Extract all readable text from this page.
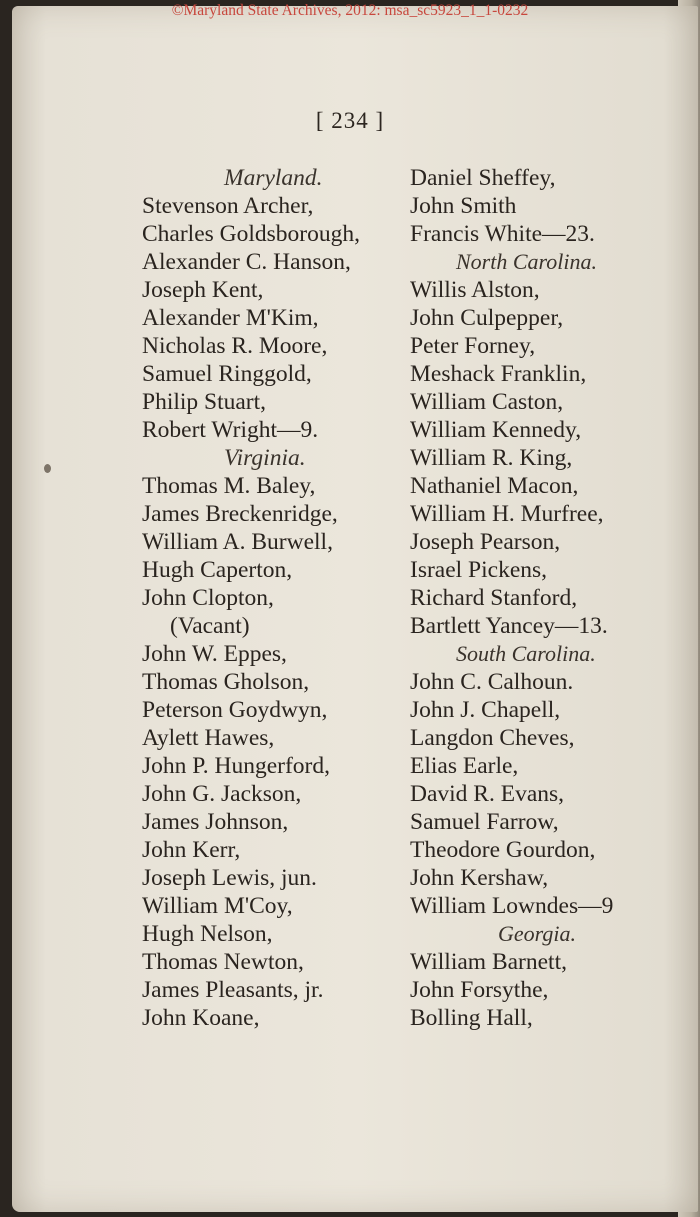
©Maryland State Archives, 2012: msa_sc5923_1_1-0232
[ 234 ]
Maryland.
Stevenson Archer,
Charles Goldsborough,
Alexander C. Hanson,
Joseph Kent,
Alexander M'Kim,
Nicholas R. Moore,
Samuel Ringgold,
Philip Stuart,
Robert Wright—9.
Virginia.
Thomas M. Baley,
James Breckenridge,
William A. Burwell,
Hugh Caperton,
John Clopton,
(Vacant)
John W. Eppes,
Thomas Gholson,
Peterson Goydwyn,
Aylett Hawes,
John P. Hungerford,
John G. Jackson,
James Johnson,
John Kerr,
Joseph Lewis, jun.
William M'Coy,
Hugh Nelson,
Thomas Newton,
James Pleasants, jr.
John Koane,
Daniel Sheffey,
John Smith
Francis White—23.
North Carolina.
Willis Alston,
John Culpepper,
Peter Forney,
Meshack Franklin,
William Caston,
William Kennedy,
William R. King,
Nathaniel Macon,
William H. Murfree,
Joseph Pearson,
Israel Pickens,
Richard Stanford,
Bartlett Yancey—13.
South Carolina.
John C. Calhoun.
John J. Chapell,
Langdon Cheves,
Elias Earle,
David R. Evans,
Samuel Farrow,
Theodore Gourdon,
John Kershaw,
William Lowndes—9
Georgia.
William Barnett,
John Forsythe,
Bolling Hall,
